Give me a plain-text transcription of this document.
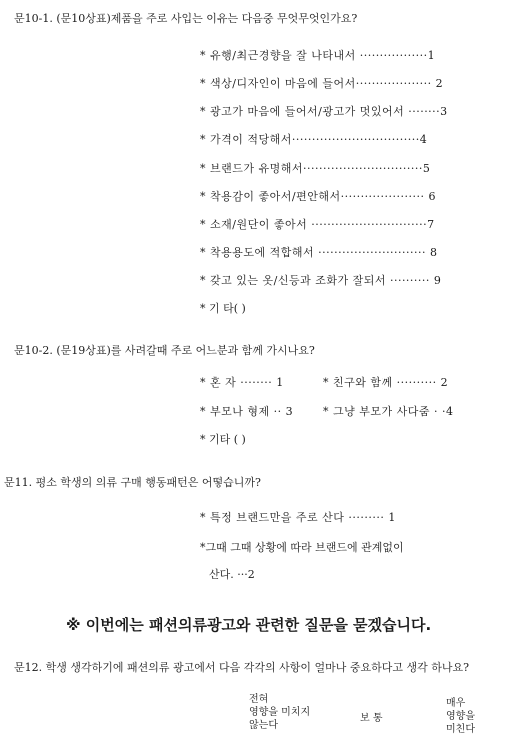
문10-1. (문10상표)제품을 주로 사입는 이유는 다음중 무엇무엇인가요?
* 유행/최근경향을 잘 나타내서 ·················1
* 색상/디자인이 마음에 들어서··················· 2
* 광고가 마음에 들어서/광고가 멋있어서 ········3
* 가격이 적당해서································4
* 브랜드가 유명해서······························5
* 착용감이 좋아서/편안해서····················· 6
* 소재/원단이 좋아서 ·····························7
* 착용용도에 적합해서 ··························· 8
* 갖고 있는 옷/신등과 조화가 잘되서 ·········· 9
* 기 타( )
문10-2. (문19상표)를 사려갈때 주로 어느분과 함께 가시나요?
* 혼 자 ········ 1	* 친구와 함께 ·········· 2
* 부모나 형제 ·· 3	* 그냥 부모가 사다줌 · ·4
* 기타 ( )
문11. 평소 학생의 의류 구매 행동패턴은 어떻습니까?
* 특정 브랜드만을 주로 산다 ········· 1
*그때 그때 상황에 따라 브랜드에 관계없이
산다. ···2
※ 이번에는 패션의류광고와 관련한 질문을 묻겠습니다.
문12. 학생 생각하기에 패션의류 광고에서 다음 각각의 사항이 얼마나 중요하다고 생각 하나요?
전혀
영향을 미치지
않는다
보 통
매우
영향을
미친다
